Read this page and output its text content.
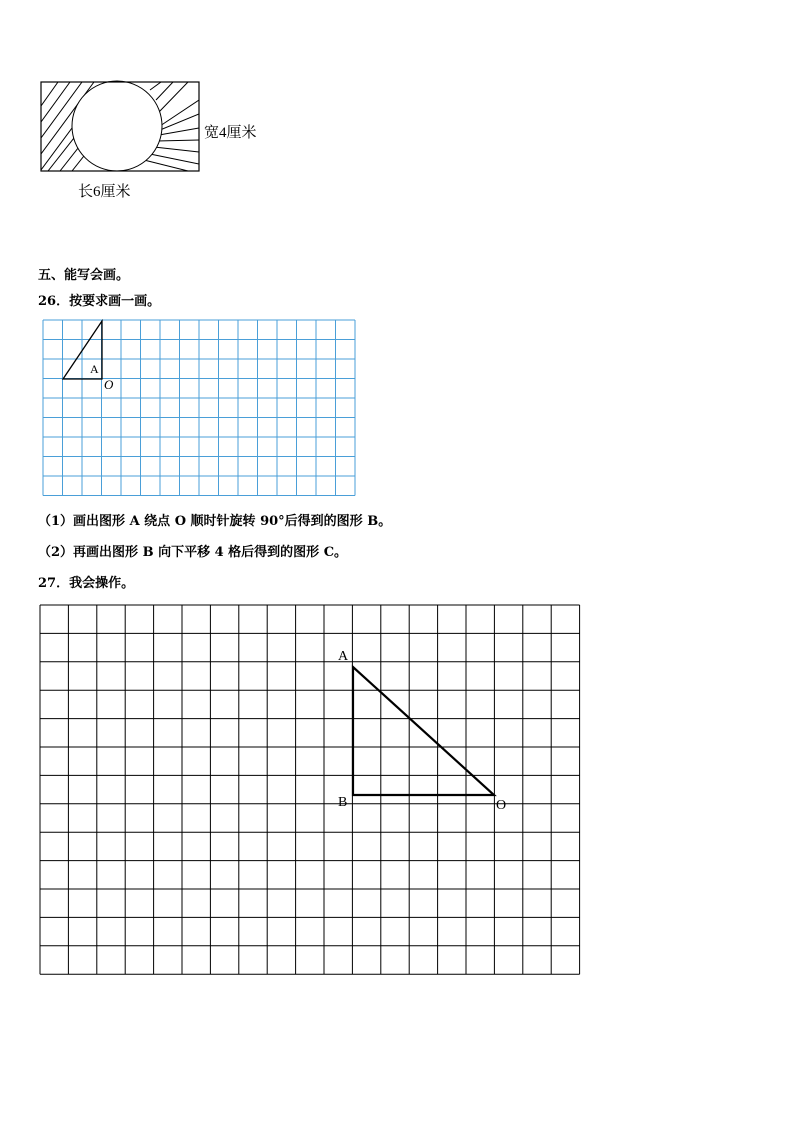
宽4厘米
长6厘米
五、能写会画。
26．按要求画一画。
A
O
（1）画出图形 A 绕点 O 顺时针旋转 90°后得到的图形 B。
（2）再画出图形 B 向下平移 4 格后得到的图形 C。
27．我会操作。
A
B	O
